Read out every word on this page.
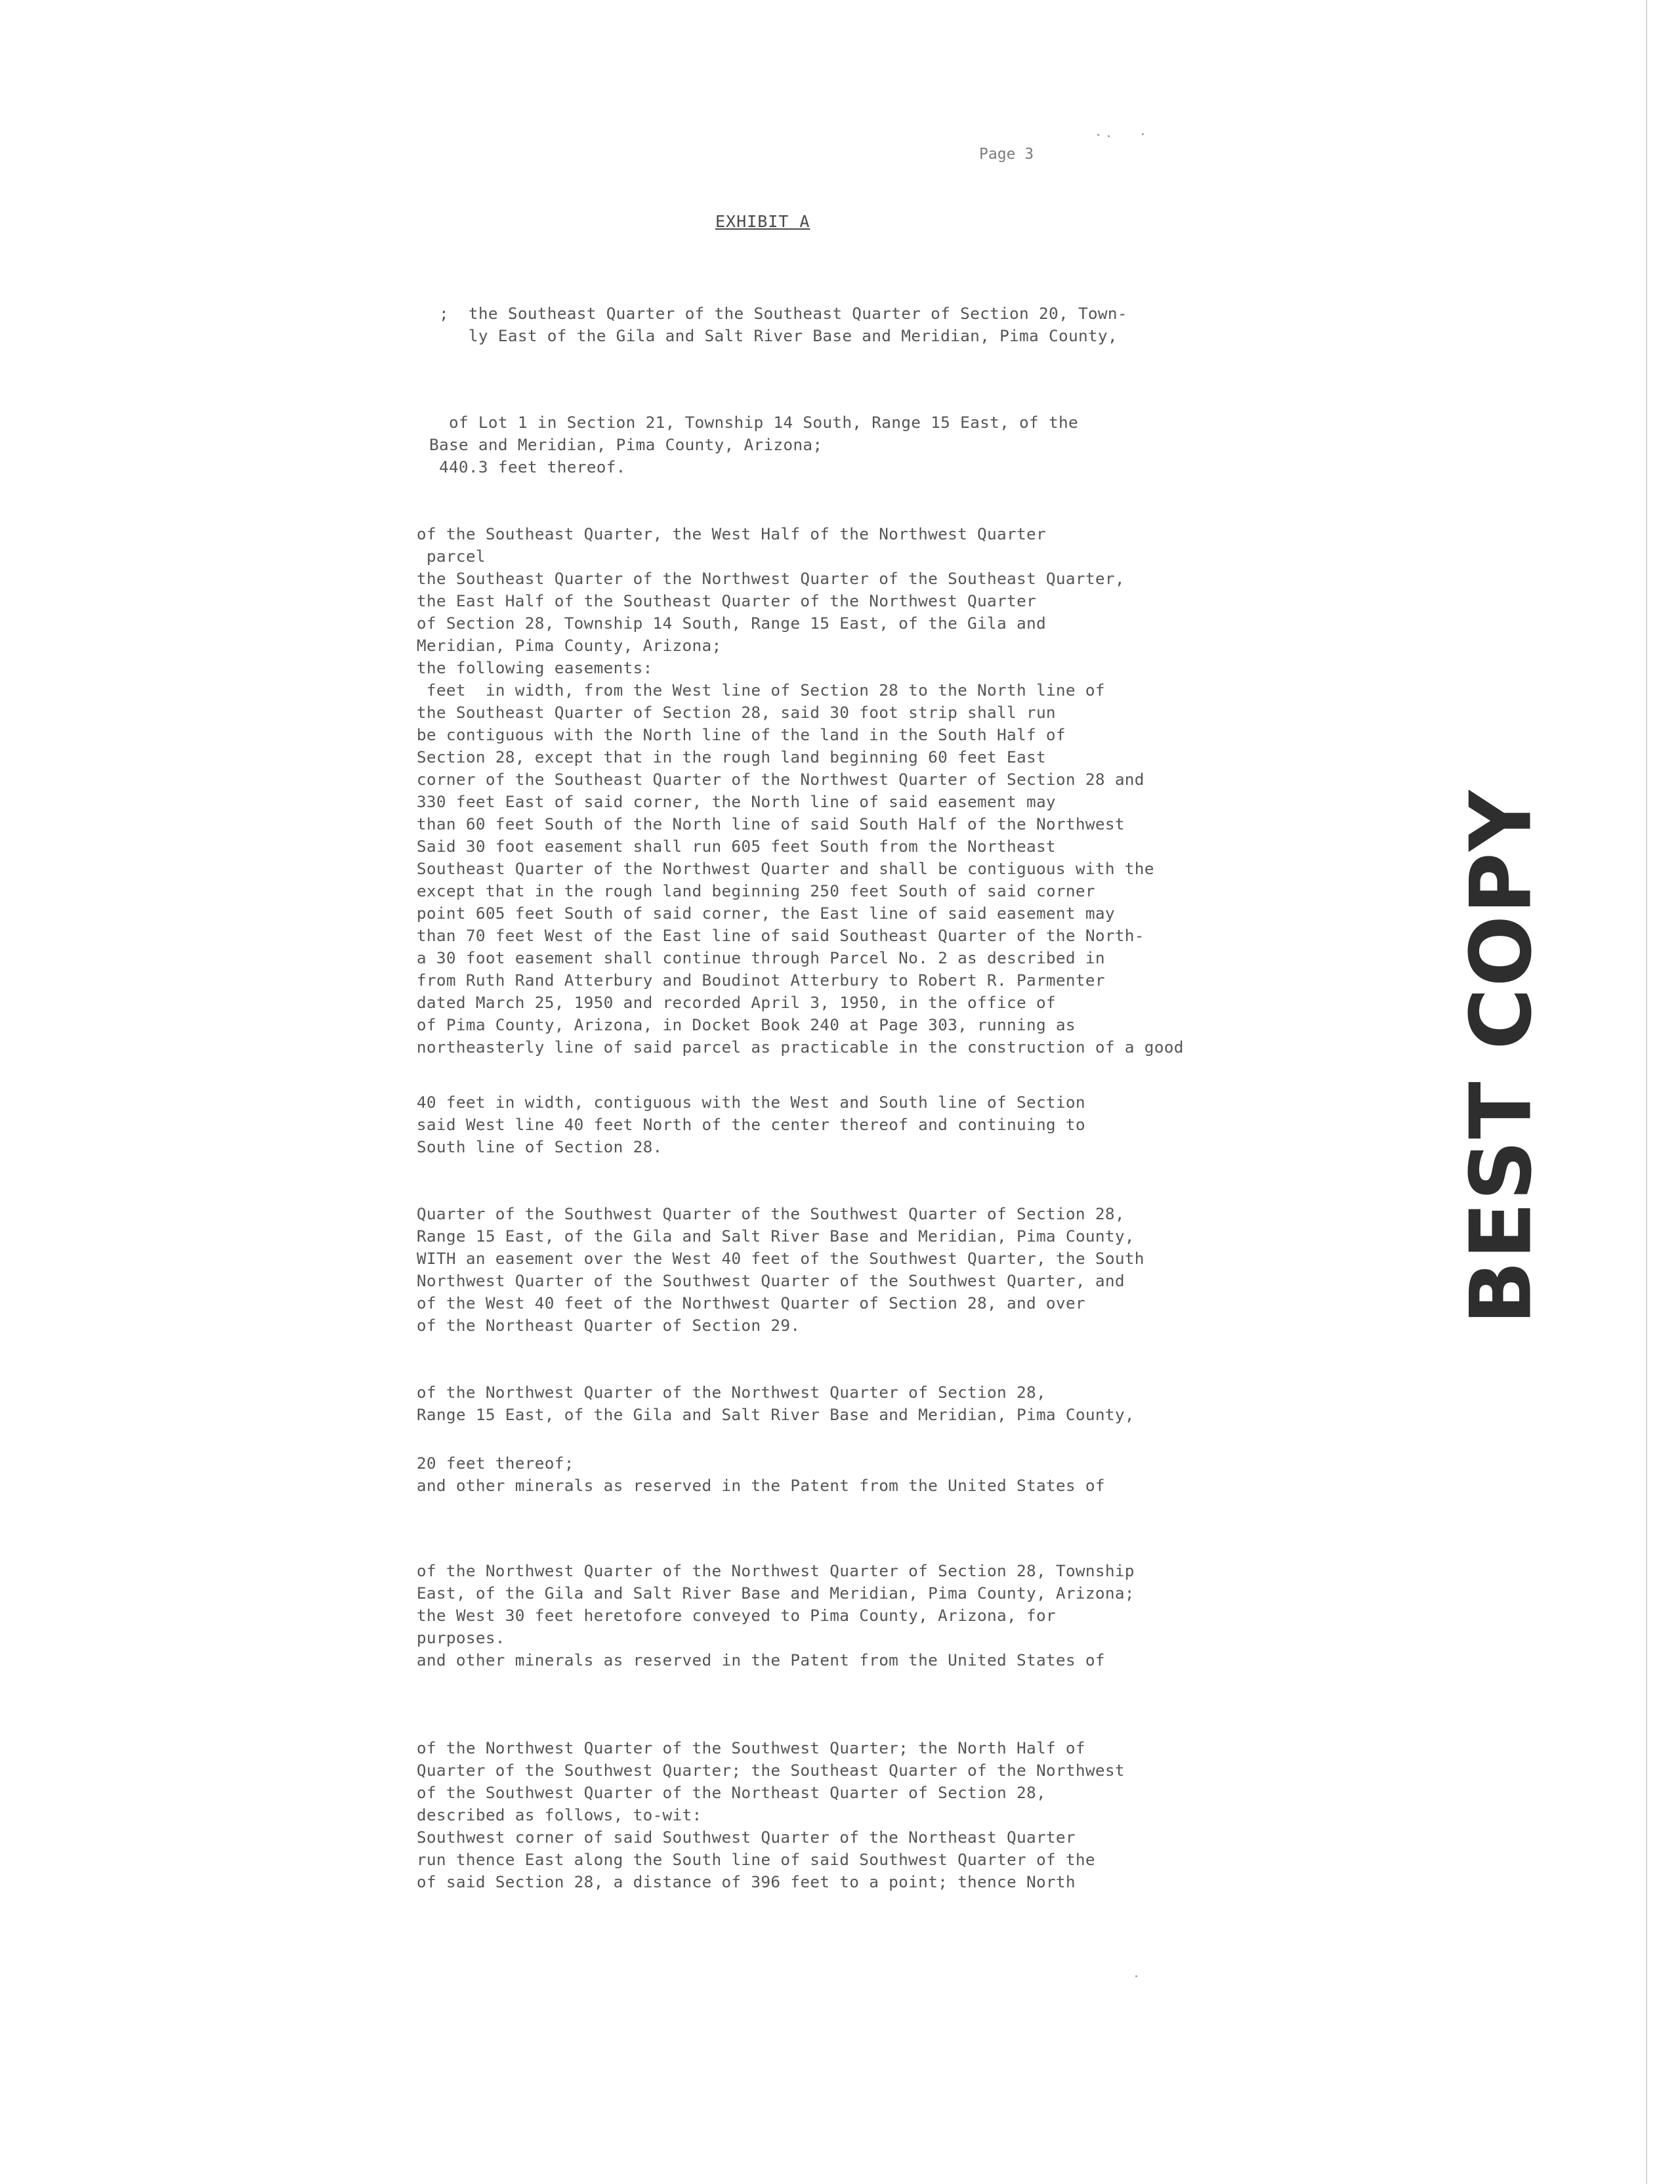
Page 3
EXHIBIT A
BEST COPY
;  the Southeast Quarter of the Southeast Quarter of Section 20, Town-
ly East of the Gila and Salt River Base and Meridian, Pima County,
of Lot 1 in Section 21, Township 14 South, Range 15 East, of the
Base and Meridian, Pima County, Arizona;
440.3 feet thereof.
of the Southeast Quarter, the West Half of the Northwest Quarter
parcel
the Southeast Quarter of the Northwest Quarter of the Southeast Quarter,
the East Half of the Southeast Quarter of the Northwest Quarter
of Section 28, Township 14 South, Range 15 East, of the Gila and
Meridian, Pima County, Arizona;
the following easements:
feet  in width, from the West line of Section 28 to the North line of
the Southeast Quarter of Section 28, said 30 foot strip shall run
be contiguous with the North line of the land in the South Half of
Section 28, except that in the rough land beginning 60 feet East
corner of the Southeast Quarter of the Northwest Quarter of Section 28 and
330 feet East of said corner, the North line of said easement may
than 60 feet South of the North line of said South Half of the Northwest
Said 30 foot easement shall run 605 feet South from the Northeast
Southeast Quarter of the Northwest Quarter and shall be contiguous with the
except that in the rough land beginning 250 feet South of said corner
point 605 feet South of said corner, the East line of said easement may
than 70 feet West of the East line of said Southeast Quarter of the North-
a 30 foot easement shall continue through Parcel No. 2 as described in
from Ruth Rand Atterbury and Boudinot Atterbury to Robert R. Parmenter
dated March 25, 1950 and recorded April 3, 1950, in the office of
of Pima County, Arizona, in Docket Book 240 at Page 303, running as
northeasterly line of said parcel as practicable in the construction of a good
40 feet in width, contiguous with the West and South line of Section
said West line 40 feet North of the center thereof and continuing to
South line of Section 28.
Quarter of the Southwest Quarter of the Southwest Quarter of Section 28,
Range 15 East, of the Gila and Salt River Base and Meridian, Pima County,
WITH an easement over the West 40 feet of the Southwest Quarter, the South
Northwest Quarter of the Southwest Quarter of the Southwest Quarter, and
of the West 40 feet of the Northwest Quarter of Section 28, and over
of the Northeast Quarter of Section 29.
of the Northwest Quarter of the Northwest Quarter of Section 28,
Range 15 East, of the Gila and Salt River Base and Meridian, Pima County,
20 feet thereof;
and other minerals as reserved in the Patent from the United States of
of the Northwest Quarter of the Northwest Quarter of Section 28, Township
East, of the Gila and Salt River Base and Meridian, Pima County, Arizona;
the West 30 feet heretofore conveyed to Pima County, Arizona, for
purposes.
and other minerals as reserved in the Patent from the United States of
of the Northwest Quarter of the Southwest Quarter; the North Half of
Quarter of the Southwest Quarter; the Southeast Quarter of the Northwest
of the Southwest Quarter of the Northeast Quarter of Section 28,
described as follows, to-wit:
Southwest corner of said Southwest Quarter of the Northeast Quarter
run thence East along the South line of said Southwest Quarter of the
of said Section 28, a distance of 396 feet to a point; thence North
